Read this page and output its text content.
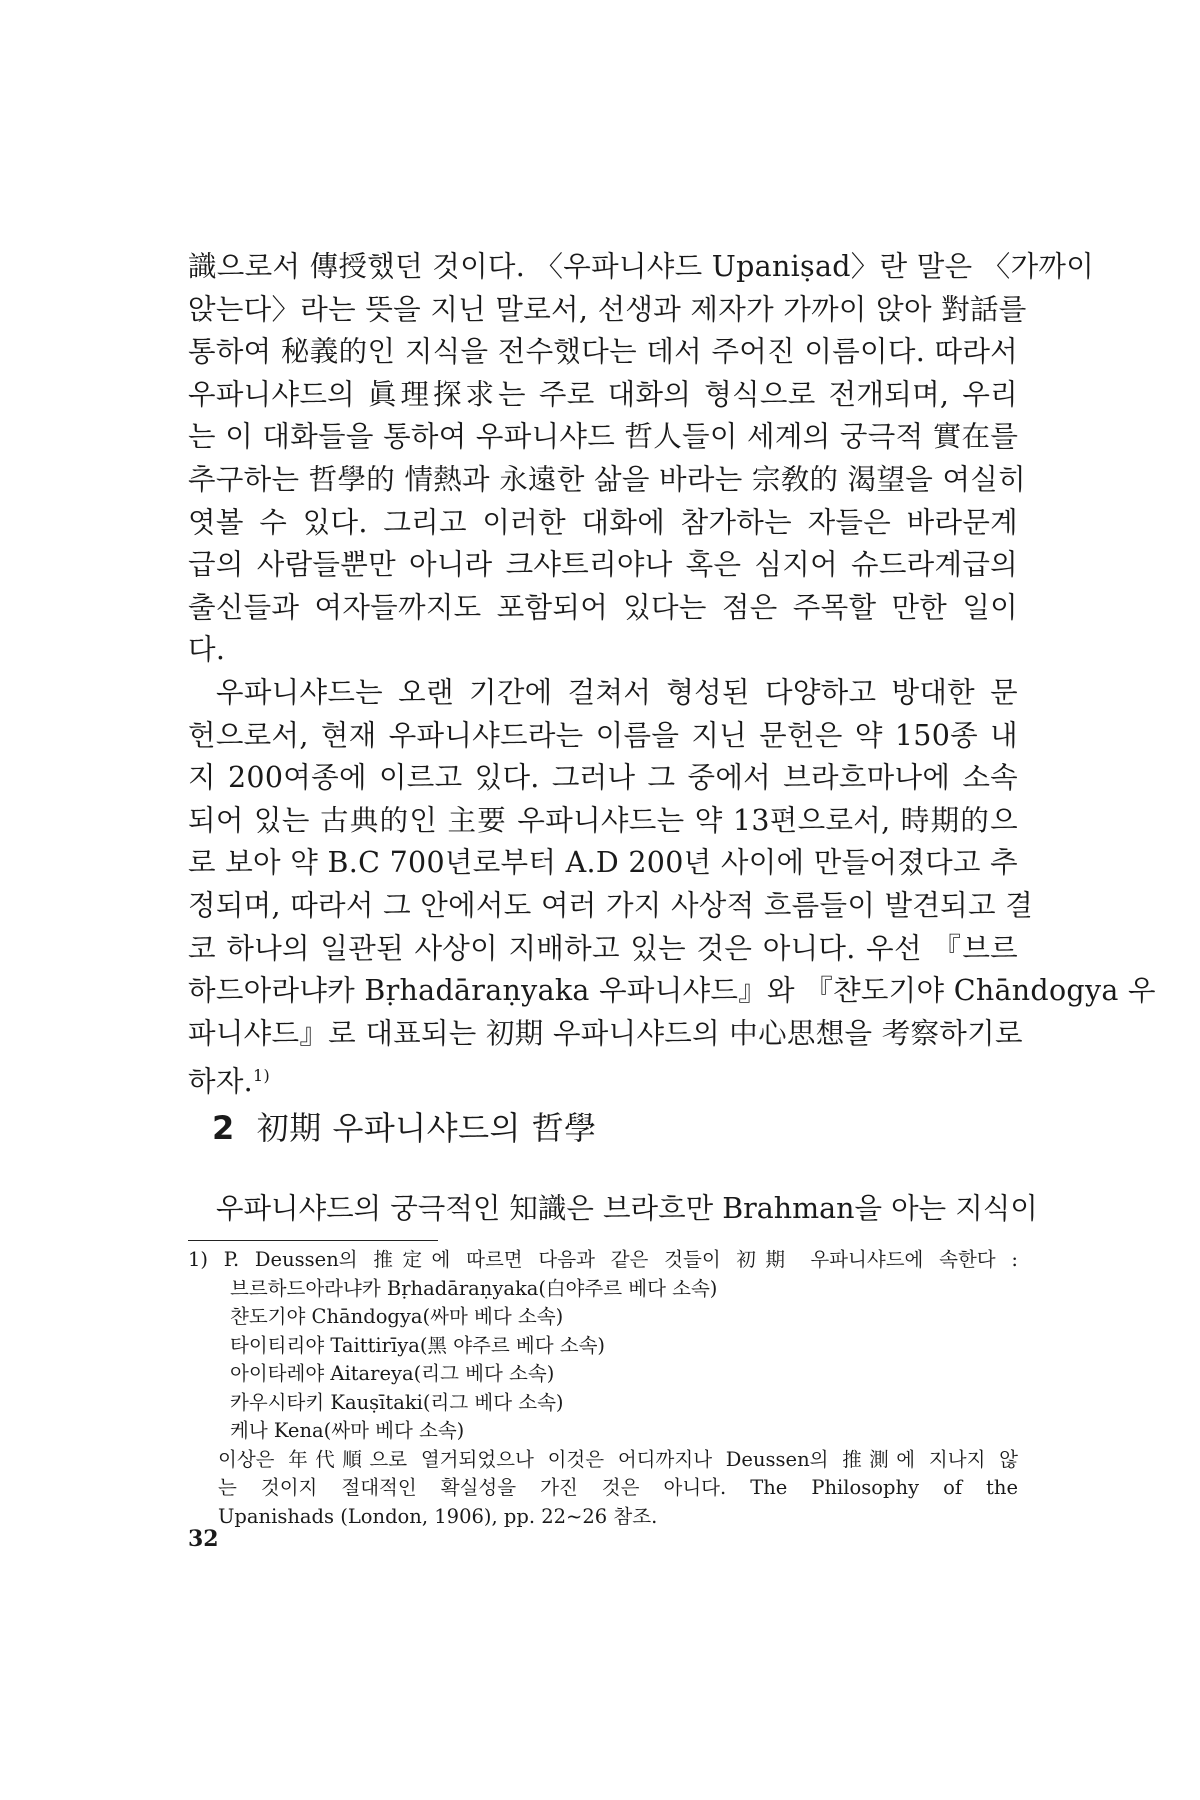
識으로서 傳授했던 것이다. 〈우파니샤드 Upaniṣad〉란 말은 〈가까이
앉는다〉라는 뜻을 지닌 말로서, 선생과 제자가 가까이 앉아 對話를
통하여 秘義的인 지식을 전수했다는 데서 주어진 이름이다. 따라서
우파니샤드의 眞理探求는 주로 대화의 형식으로 전개되며, 우리
는 이 대화들을 통하여 우파니샤드 哲人들이 세계의 궁극적 實在를
추구하는 哲學的 情熱과 永遠한 삶을 바라는 宗敎的 渴望을 여실히
엿볼 수 있다. 그리고 이러한 대화에 참가하는 자들은 바라문계
급의 사람들뿐만 아니라 크샤트리야나 혹은 심지어 슈드라계급의
출신들과 여자들까지도 포함되어 있다는 점은 주목할 만한 일이
다.
우파니샤드는 오랜 기간에 걸쳐서 형성된 다양하고 방대한 문
헌으로서, 현재 우파니샤드라는 이름을 지닌 문헌은 약 150종 내
지 200여종에 이르고 있다. 그러나 그 중에서 브라흐마나에 소속
되어 있는 古典的인 主要 우파니샤드는 약 13편으로서, 時期的으
로 보아 약 B.C 700년로부터 A.D 200년 사이에 만들어졌다고 추
정되며, 따라서 그 안에서도 여러 가지 사상적 흐름들이 발견되고 결
코 하나의 일관된 사상이 지배하고 있는 것은 아니다. 우선 『브르
하드아라냐카 Bṛhadāraṇyaka 우파니샤드』와 『챤도기야 Chāndogya 우
파니샤드』로 대표되는 初期 우파니샤드의 中心思想을 考察하기로
하자.$^{1)}$
2 初期 우파니샤드의 哲學
우파니샤드의 궁극적인 知識은 브라흐만 Brahman을 아는 지식이
1) P. Deussen의 推定에 따르면 다음과 같은 것들이 初期 우파니샤드에 속한다 :
브르하드아라냐카 Bṛhadāraṇyaka(白야주르 베다 소속)
챤도기야 Chāndogya(싸마 베다 소속)
타이티리야 Taittirīya(黑 야주르 베다 소속)
아이타레야 Aitareya(리그 베다 소속)
카우시타키 Kauṣītaki(리그 베다 소속)
케나 Kena(싸마 베다 소속)
이상은 年代順으로 열거되었으나 이것은 어디까지나 Deussen의 推測에 지나지 않
는 것이지 절대적인 확실성을 가진 것은 아니다. The Philosophy of the
Upanishads (London, 1906), pp. 22~26 참조.
32
